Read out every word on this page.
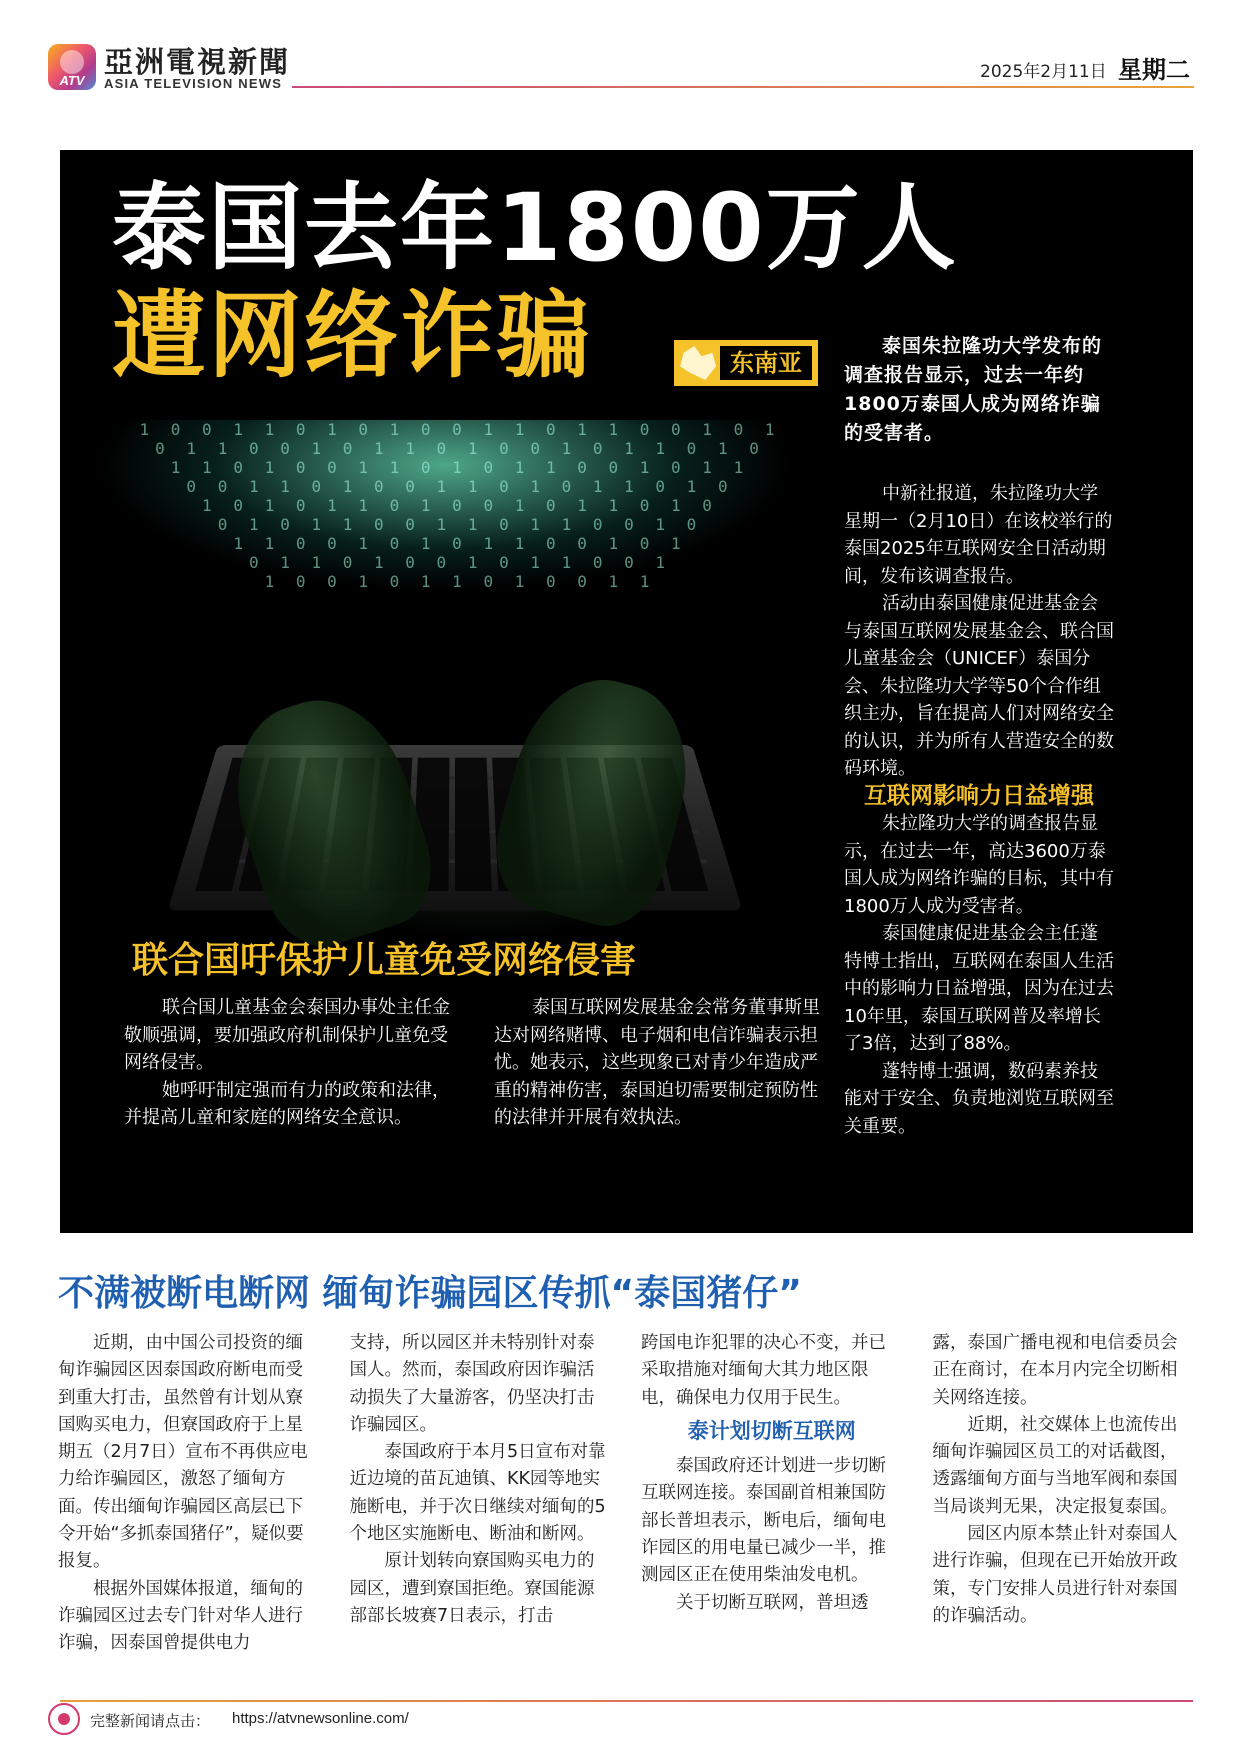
ATV
亞洲電視新聞
ASIA TELEVISION NEWS
2025年2月11日 星期二
1 0 0 1 1 0 1 0 1 0 0 1 1 0 1 1 0 0 1 0 1
0 1 1 0 0 1 0 1 1 0 1 0 0 1 0 1 1 0 1 0
1 1 0 1 0 0 1 1 0 1 0 1 1 0 0 1 0 1 1
0 0 1 1 0 1 0 0 1 1 0 1 0 1 1 0 1 0
1 0 1 0 1 1 0 1 0 0 1 0 1 1 0 1 0
0 1 0 1 1 0 0 1 1 0 1 1 0 0 1 0
1 1 0 0 1 0 1 0 1 1 0 0 1 0 1
0 1 1 0 1 0 0 1 0 1 1 0 0 1
1 0 0 1 0 1 1 0 1 0 0 1 1
泰国去年1800万人
遭网络诈骗	东南亚
泰国朱拉隆功大学发布的调查报告显示，过去一年约1800万泰国人成为网络诈骗的受害者。

中新社报道，朱拉隆功大学星期一（2月10日）在该校举行的泰国2025年互联网安全日活动期间，发布该调查报告。

活动由泰国健康促进基金会与泰国互联网发展基金会、联合国儿童基金会（UNICEF）泰国分会、朱拉隆功大学等50个合作组织主办，旨在提高人们对网络安全的认识，并为所有人营造安全的数码环境。

互联网影响力日益增强

朱拉隆功大学的调查报告显示，在过去一年，高达3600万泰国人成为网络诈骗的目标，其中有1800万人成为受害者。

泰国健康促进基金会主任蓬特博士指出，互联网在泰国人生活中的影响力日益增强，因为在过去10年里，泰国互联网普及率增长了3倍，达到了88%。

蓬特博士强调，数码素养技能对于安全、负责地浏览互联网至关重要。

联合国吁保护儿童免受网络侵害

联合国儿童基金会泰国办事处主任金敬顺强调，要加强政府机制保护儿童免受网络侵害。

她呼吁制定强而有力的政策和法律，并提高儿童和家庭的网络安全意识。

泰国互联网发展基金会常务董事斯里达对网络赌博、电子烟和电信诈骗表示担忧。她表示，这些现象已对青少年造成严重的精神伤害，泰国迫切需要制定预防性的法律并开展有效执法。

不满被断电断网 缅甸诈骗园区传抓“泰国猪仔”

近期，由中国公司投资的缅甸诈骗园区因泰国政府断电而受到重大打击，虽然曾有计划从寮国购买电力，但寮国政府于上星期五（2月7日）宣布不再供应电力给诈骗园区，激怒了缅甸方面。传出缅甸诈骗园区高层已下令开始“多抓泰国猪仔”，疑似要报复。

根据外国媒体报道，缅甸的诈骗园区过去专门针对华人进行诈骗，因泰国曾提供电力

支持，所以园区并未特别针对泰国人。然而，泰国政府因诈骗活动损失了大量游客，仍坚决打击诈骗园区。

泰国政府于本月5日宣布对靠近边境的苗瓦迪镇、KK园等地实施断电，并于次日继续对缅甸的5个地区实施断电、断油和断网。

原计划转向寮国购买电力的园区，遭到寮国拒绝。寮国能源部部长坡赛7日表示，打击

跨国电诈犯罪的决心不变，并已采取措施对缅甸大其力地区限电，确保电力仅用于民生。

泰计划切断互联网

泰国政府还计划进一步切断互联网连接。泰国副首相兼国防部长普坦表示，断电后，缅甸电诈园区的用电量已减少一半，推测园区正在使用柴油发电机。

关于切断互联网，普坦透

露，泰国广播电视和电信委员会正在商讨，在本月内完全切断相关网络连接。

近期，社交媒体上也流传出缅甸诈骗园区员工的对话截图，透露缅甸方面与当地军阀和泰国当局谈判无果，决定报复泰国。

园区内原本禁止针对泰国人进行诈骗，但现在已开始放开政策，专门安排人员进行针对泰国的诈骗活动。

完整新闻请点击： https://atvnewsonline.com/
